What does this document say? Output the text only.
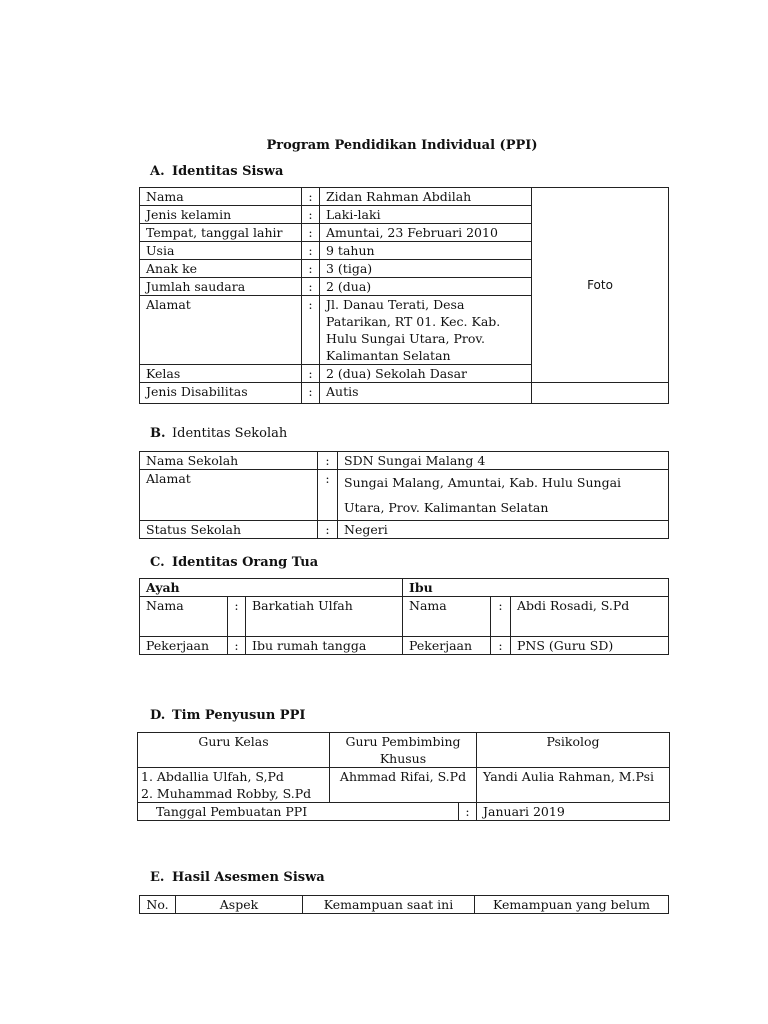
Program Pendidikan Individual (PPI)
A. Identitas Siswa
Nama	:	Zidan Rahman Abdilah	Foto
Jenis kelamin	:	Laki-laki	
Tempat, tanggal lahir	:	Amuntai, 23 Februari 2010	
Usia	:	9 tahun	
Anak ke	:	3 (tiga)	
Jumlah saudara	:	2 (dua)	
Alamat	:	Jl. Danau Terati, Desa Patarikan, RT 01. Kec. Kab. Hulu Sungai Utara, Prov. Kalimantan Selatan	
Kelas	:	2 (dua) Sekolah Dasar	
Jenis Disabilitas	:	Autis	
B. Identitas Sekolah
Nama Sekolah	:	SDN Sungai Malang 4
Alamat	:	Sungai Malang, Amuntai, Kab. Hulu Sungai Utara, Prov. Kalimantan Selatan
Status Sekolah	:	Negeri
C. Identitas Orang Tua
Ayah			Ibu		
Nama	:	Barkatiah Ulfah	Nama	:	Abdi Rosadi, S.Pd
Pekerjaan	:	Ibu rumah tangga	Pekerjaan	:	PNS (Guru SD)
D. Tim Penyusun PPI
Guru Kelas	Guru Pembimbing Khusus		Psikolog

1. Abdallia Ulfah, S,Pd
2. Muhammad Robby, S.Pd	Ahmmad Rifai, S.Pd		Yandi Aulia Rahman, M.Psi
Tanggal Pembuatan PPI		:	Januari 2019
E. Hasil Asesmen Siswa
No.	Aspek	Kemampuan saat ini	Kemampuan yang belum
